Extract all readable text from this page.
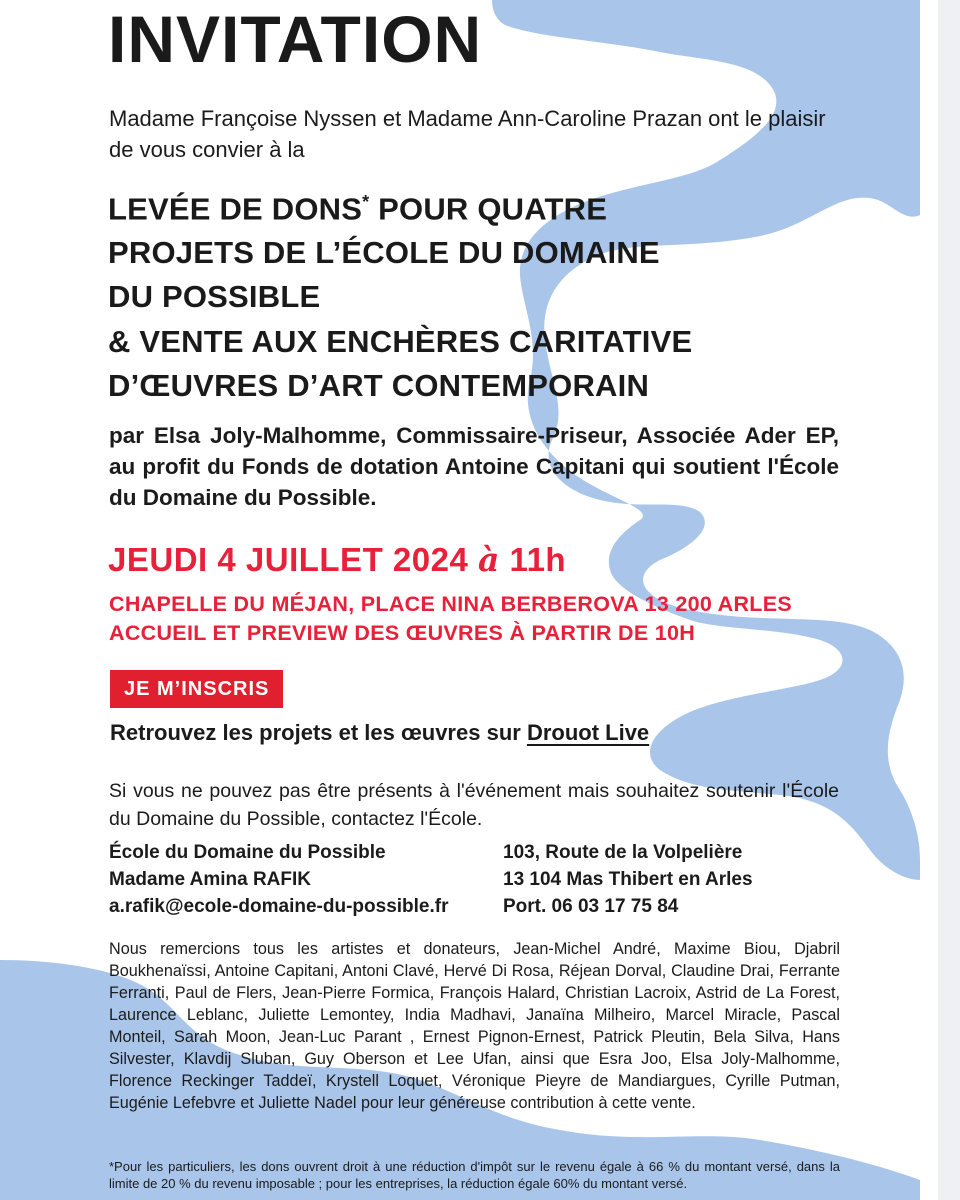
INVITATION

Madame Françoise Nyssen et Madame Ann-Caroline Prazan ont le plaisir de vous convier à la

LEVÉE DE DONS* POUR QUATRE
PROJETS DE L’ÉCOLE DU DOMAINE
DU POSSIBLE
& VENTE AUX ENCHÈRES CARITATIVE
D’ŒUVRES D’ART CONTEMPORAIN

par Elsa Joly-Malhomme, Commissaire-Priseur, Associée Ader EP, au profit du Fonds de dotation Antoine Capitani qui soutient l'École du Domaine du Possible.

JEUDI 4 JUILLET 2024 à 11h
CHAPELLE DU MÉJAN, PLACE NINA BERBEROVA 13 200 ARLES
ACCUEIL ET PREVIEW DES ŒUVRES À PARTIR DE 10H
JE M’INSCRIS
Retrouvez les projets et les œuvres sur Drouot Live

Si vous ne pouvez pas être présents à l'événement mais souhaitez soutenir l'École du Domaine du Possible, contactez l'École.

École du Domaine du Possible
Madame Amina RAFIK
a.rafik@ecole-domaine-du-possible.fr
103, Route de la Volpelière
13 104 Mas Thibert en Arles
Port. 06 03 17 75 84

Nous remercions tous les artistes et donateurs, Jean-Michel André, Maxime Biou, Djabril Boukhenaïssi, Antoine Capitani, Antoni Clavé, Hervé Di Rosa, Réjean Dorval, Claudine Drai, Ferrante Ferranti, Paul de Flers, Jean-Pierre Formica, François Halard, Christian Lacroix, Astrid de La Forest, Laurence Leblanc, Juliette Lemontey, India Madhavi, Janaïna Milheiro, Marcel Miracle, Pascal Monteil, Sarah Moon, Jean-Luc Parant , Ernest Pignon-Ernest, Patrick Pleutin, Bela Silva, Hans Silvester, Klavdij Sluban, Guy Oberson et Lee Ufan, ainsi que Esra Joo, Elsa Joly-Malhomme, Florence Reckinger Taddeï, Krystell Loquet, Véronique Pieyre de Mandiargues, Cyrille Putman, Eugénie Lefebvre et Juliette Nadel pour leur généreuse contribution à cette vente.

*Pour les particuliers, les dons ouvrent droit à une réduction d'impôt sur le revenu égale à 66 % du montant versé, dans la limite de 20 % du revenu imposable ; pour les entreprises, la réduction égale 60% du montant versé.
